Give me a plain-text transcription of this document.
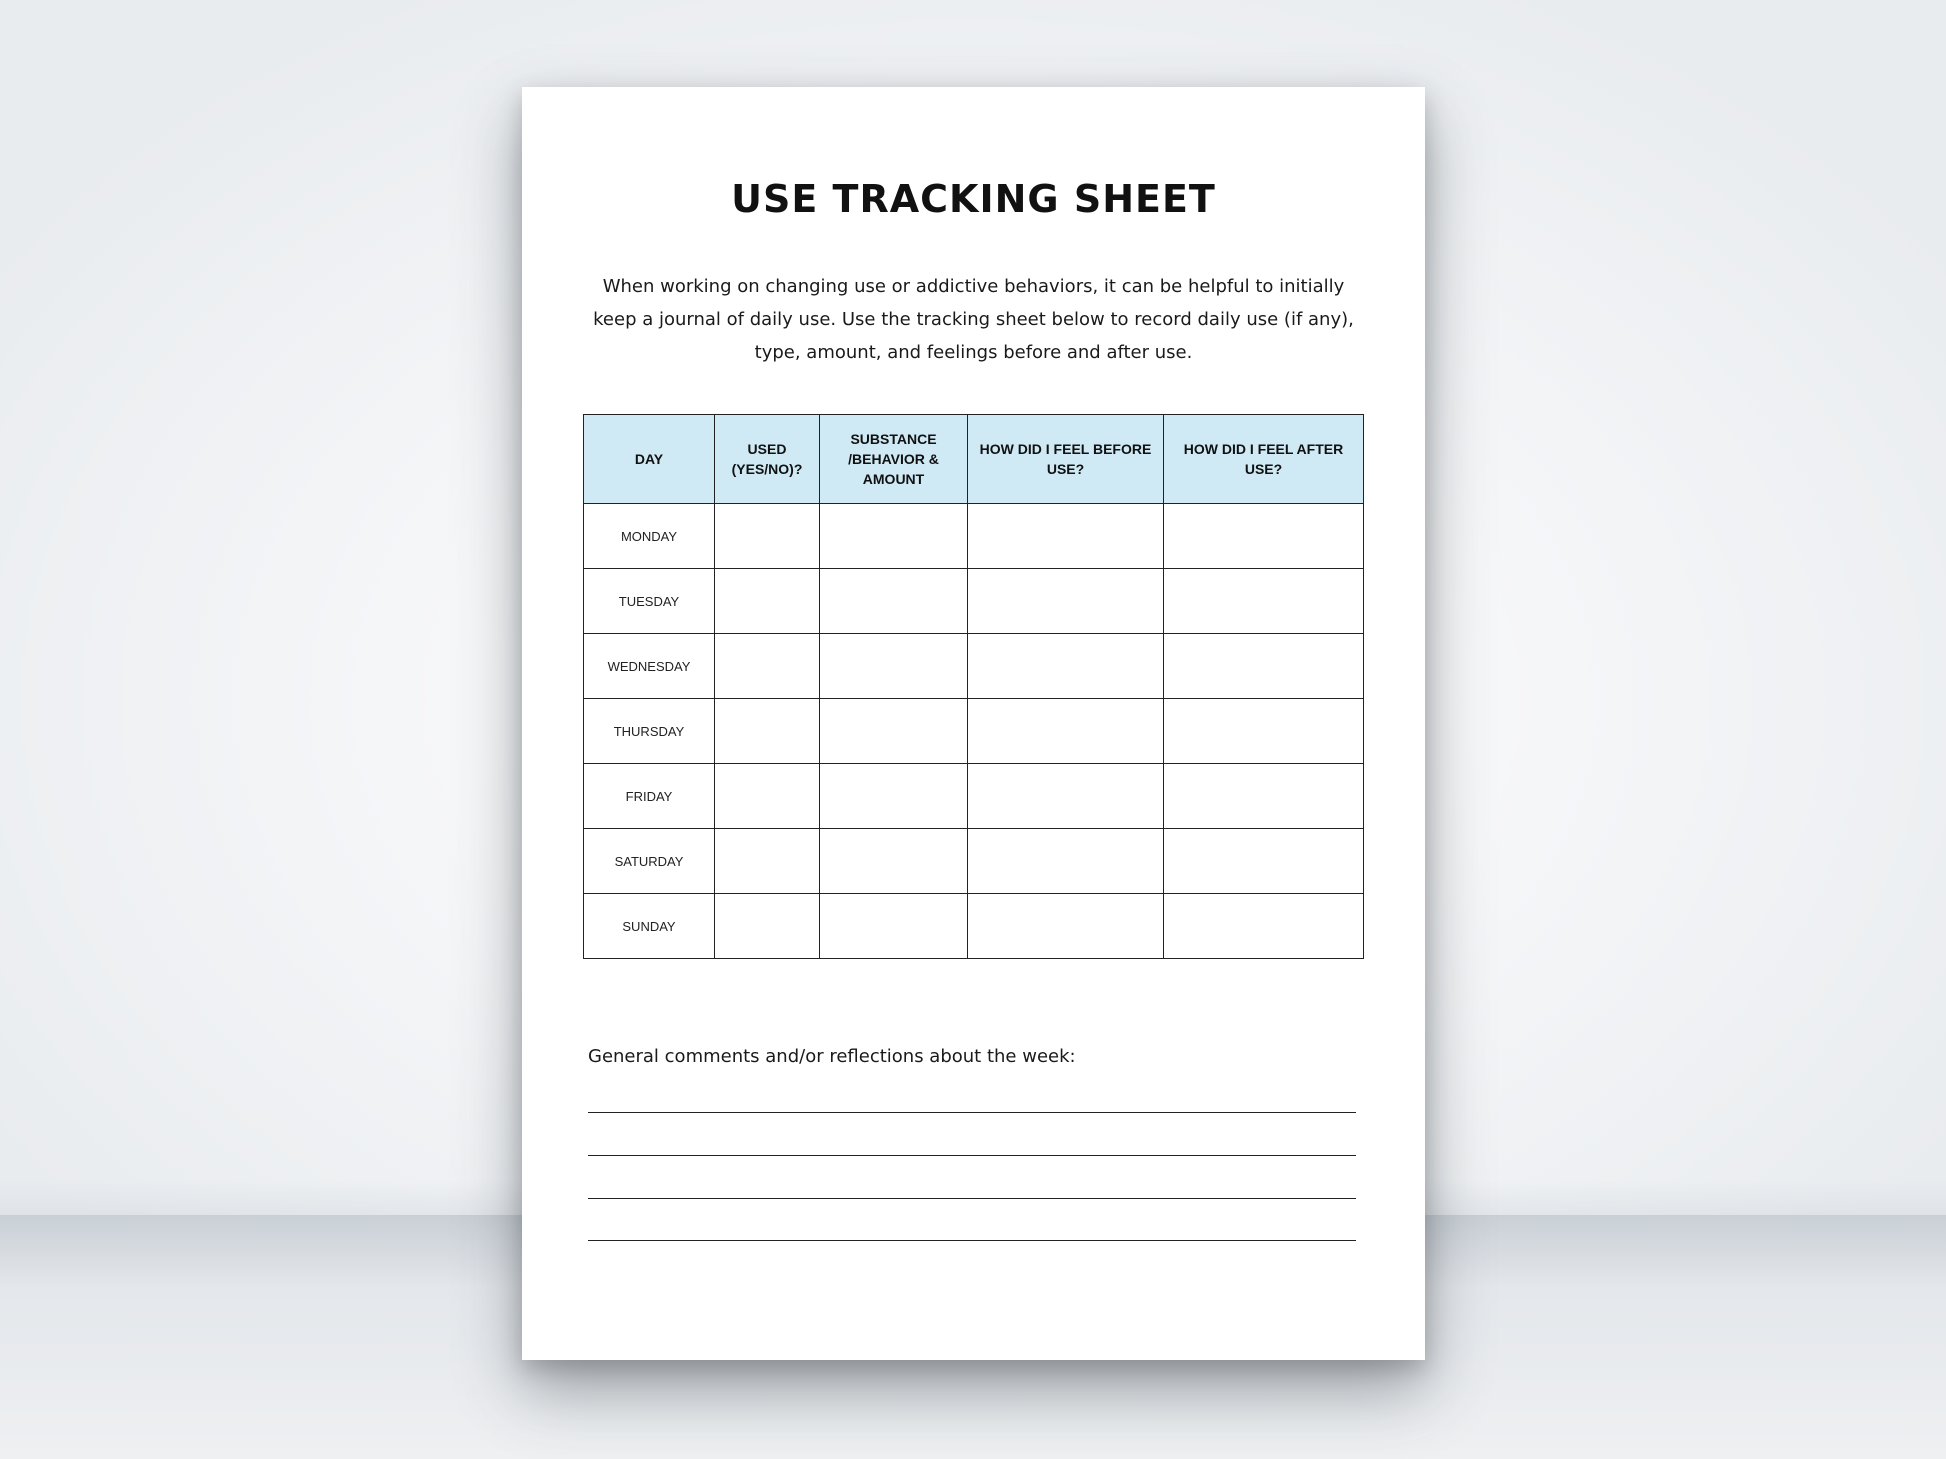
USE TRACKING SHEET
When working on changing use or addictive behaviors, it can be helpful to initially keep a journal of daily use. Use the tracking sheet below to record daily use (if any), type, amount, and feelings before and after use.
DAY	USED (YES/NO)?	SUBSTANCE /BEHAVIOR & AMOUNT	HOW DID I FEEL BEFORE USE?	HOW DID I FEEL AFTER USE?
MONDAY				
TUESDAY				
WEDNESDAY				
THURSDAY				
FRIDAY				
SATURDAY				
SUNDAY				
General comments and/or reflections about the week:
